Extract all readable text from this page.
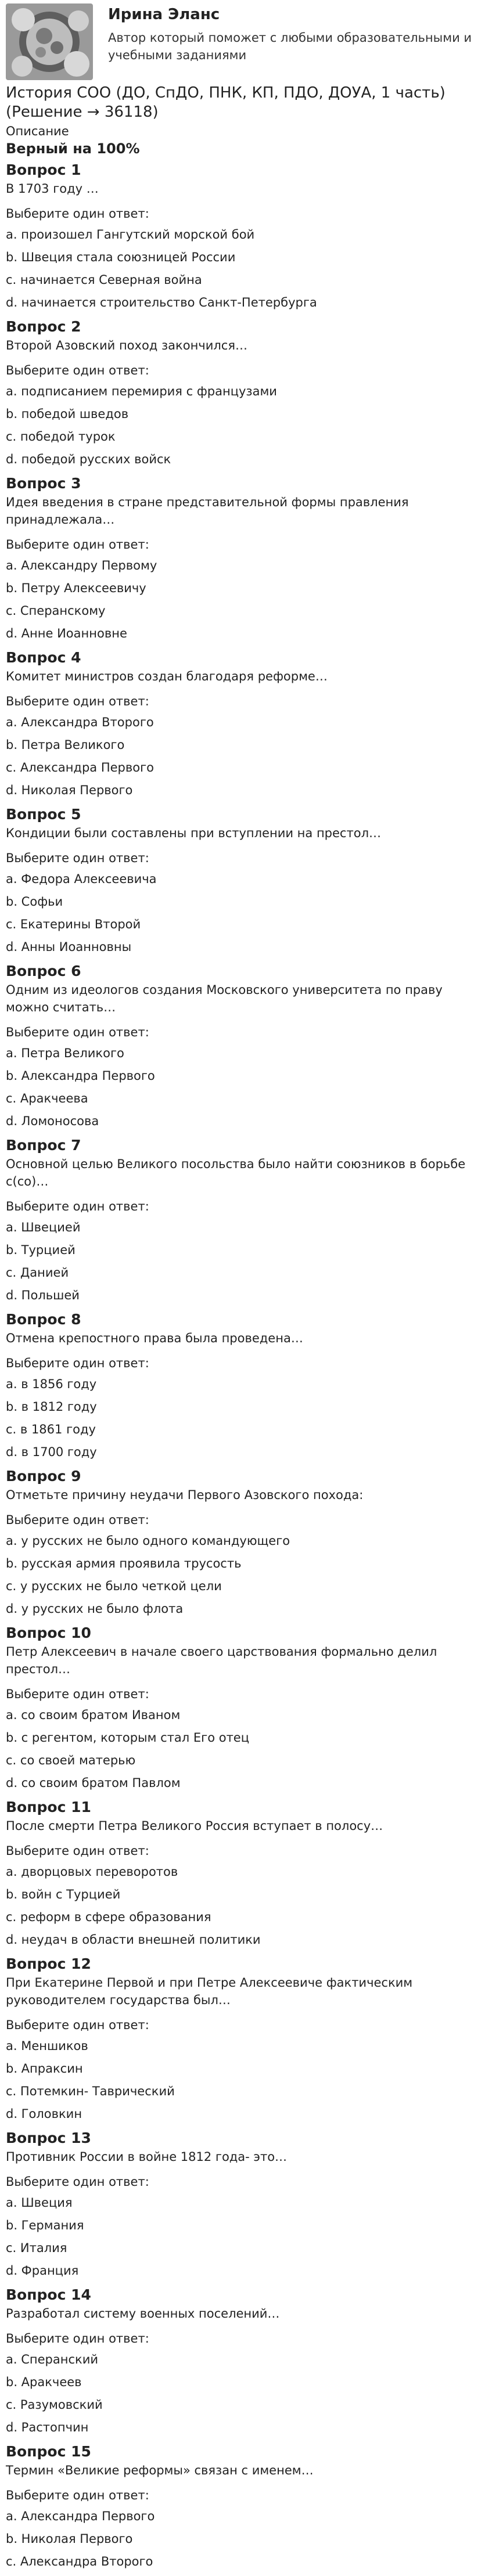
Ирина Эланс
Автор который поможет с любыми образовательными и учебными заданиями
История СОО (ДО, СпДО, ПНК, КП, ПДО, ДОУА, 1 часть) (Решение → 36118)
Описание
Верный на 100%
Вопрос 1
В 1703 году …
Выберите один ответ:
a. произошел Гангутский морской бой
b. Швеция стала союзницей России
c. начинается Северная война
d. начинается строительство Санкт-Петербурга
Вопрос 2
Второй Азовский поход закончился…
Выберите один ответ:
a. подписанием перемирия с французами
b. победой шведов
c. победой турок
d. победой русских войск
Вопрос 3
Идея введения в стране представительной формы правления принадлежала…
Выберите один ответ:
a. Александру Первому
b. Петру Алексеевичу
c. Сперанскому
d. Анне Иоанновне
Вопрос 4
Комитет министров создан благодаря реформе…
Выберите один ответ:
a. Александра Второго
b. Петра Великого
c. Александра Первого
d. Николая Первого
Вопрос 5
Кондиции были составлены при вступлении на престол…
Выберите один ответ:
a. Федора Алексеевича
b. Софьи
c. Екатерины Второй
d. Анны Иоанновны
Вопрос 6
Одним из идеологов создания Московского университета по праву можно считать…
Выберите один ответ:
a. Петра Великого
b. Александра Первого
c. Аракчеева
d. Ломоносова
Вопрос 7
Основной целью Великого посольства было найти союзников в борьбе с(со)…
Выберите один ответ:
a. Швецией
b. Турцией
c. Данией
d. Польшей
Вопрос 8
Отмена крепостного права была проведена…
Выберите один ответ:
a. в 1856 году
b. в 1812 году
c. в 1861 году
d. в 1700 году
Вопрос 9
Отметьте причину неудачи Первого Азовского похода:
Выберите один ответ:
a. у русских не было одного командующего
b. русская армия проявила трусость
c. у русских не было четкой цели
d. у русских не было флота
Вопрос 10
Петр Алексеевич в начале своего царствования формально делил престол…
Выберите один ответ:
a. со своим братом Иваном
b. с регентом, которым стал Его отец
c. со своей матерью
d. со своим братом Павлом
Вопрос 11
После смерти Петра Великого Россия вступает в полосу…
Выберите один ответ:
a. дворцовых переворотов
b. войн с Турцией
c. реформ в сфере образования
d. неудач в области внешней политики
Вопрос 12
При Екатерине Первой и при Петре Алексеевиче фактическим руководителем государства был…
Выберите один ответ:
a. Меншиков
b. Апраксин
c. Потемкин- Таврический
d. Головкин
Вопрос 13
Противник России в войне 1812 года- это…
Выберите один ответ:
a. Швеция
b. Германия
c. Италия
d. Франция
Вопрос 14
Разработал систему военных поселений…
Выберите один ответ:
a. Сперанский
b. Аракчеев
c. Разумовский
d. Растопчин
Вопрос 15
Термин «Великие реформы» связан с именем…
Выберите один ответ:
a. Александра Первого
b. Николая Первого
c. Александра Второго
